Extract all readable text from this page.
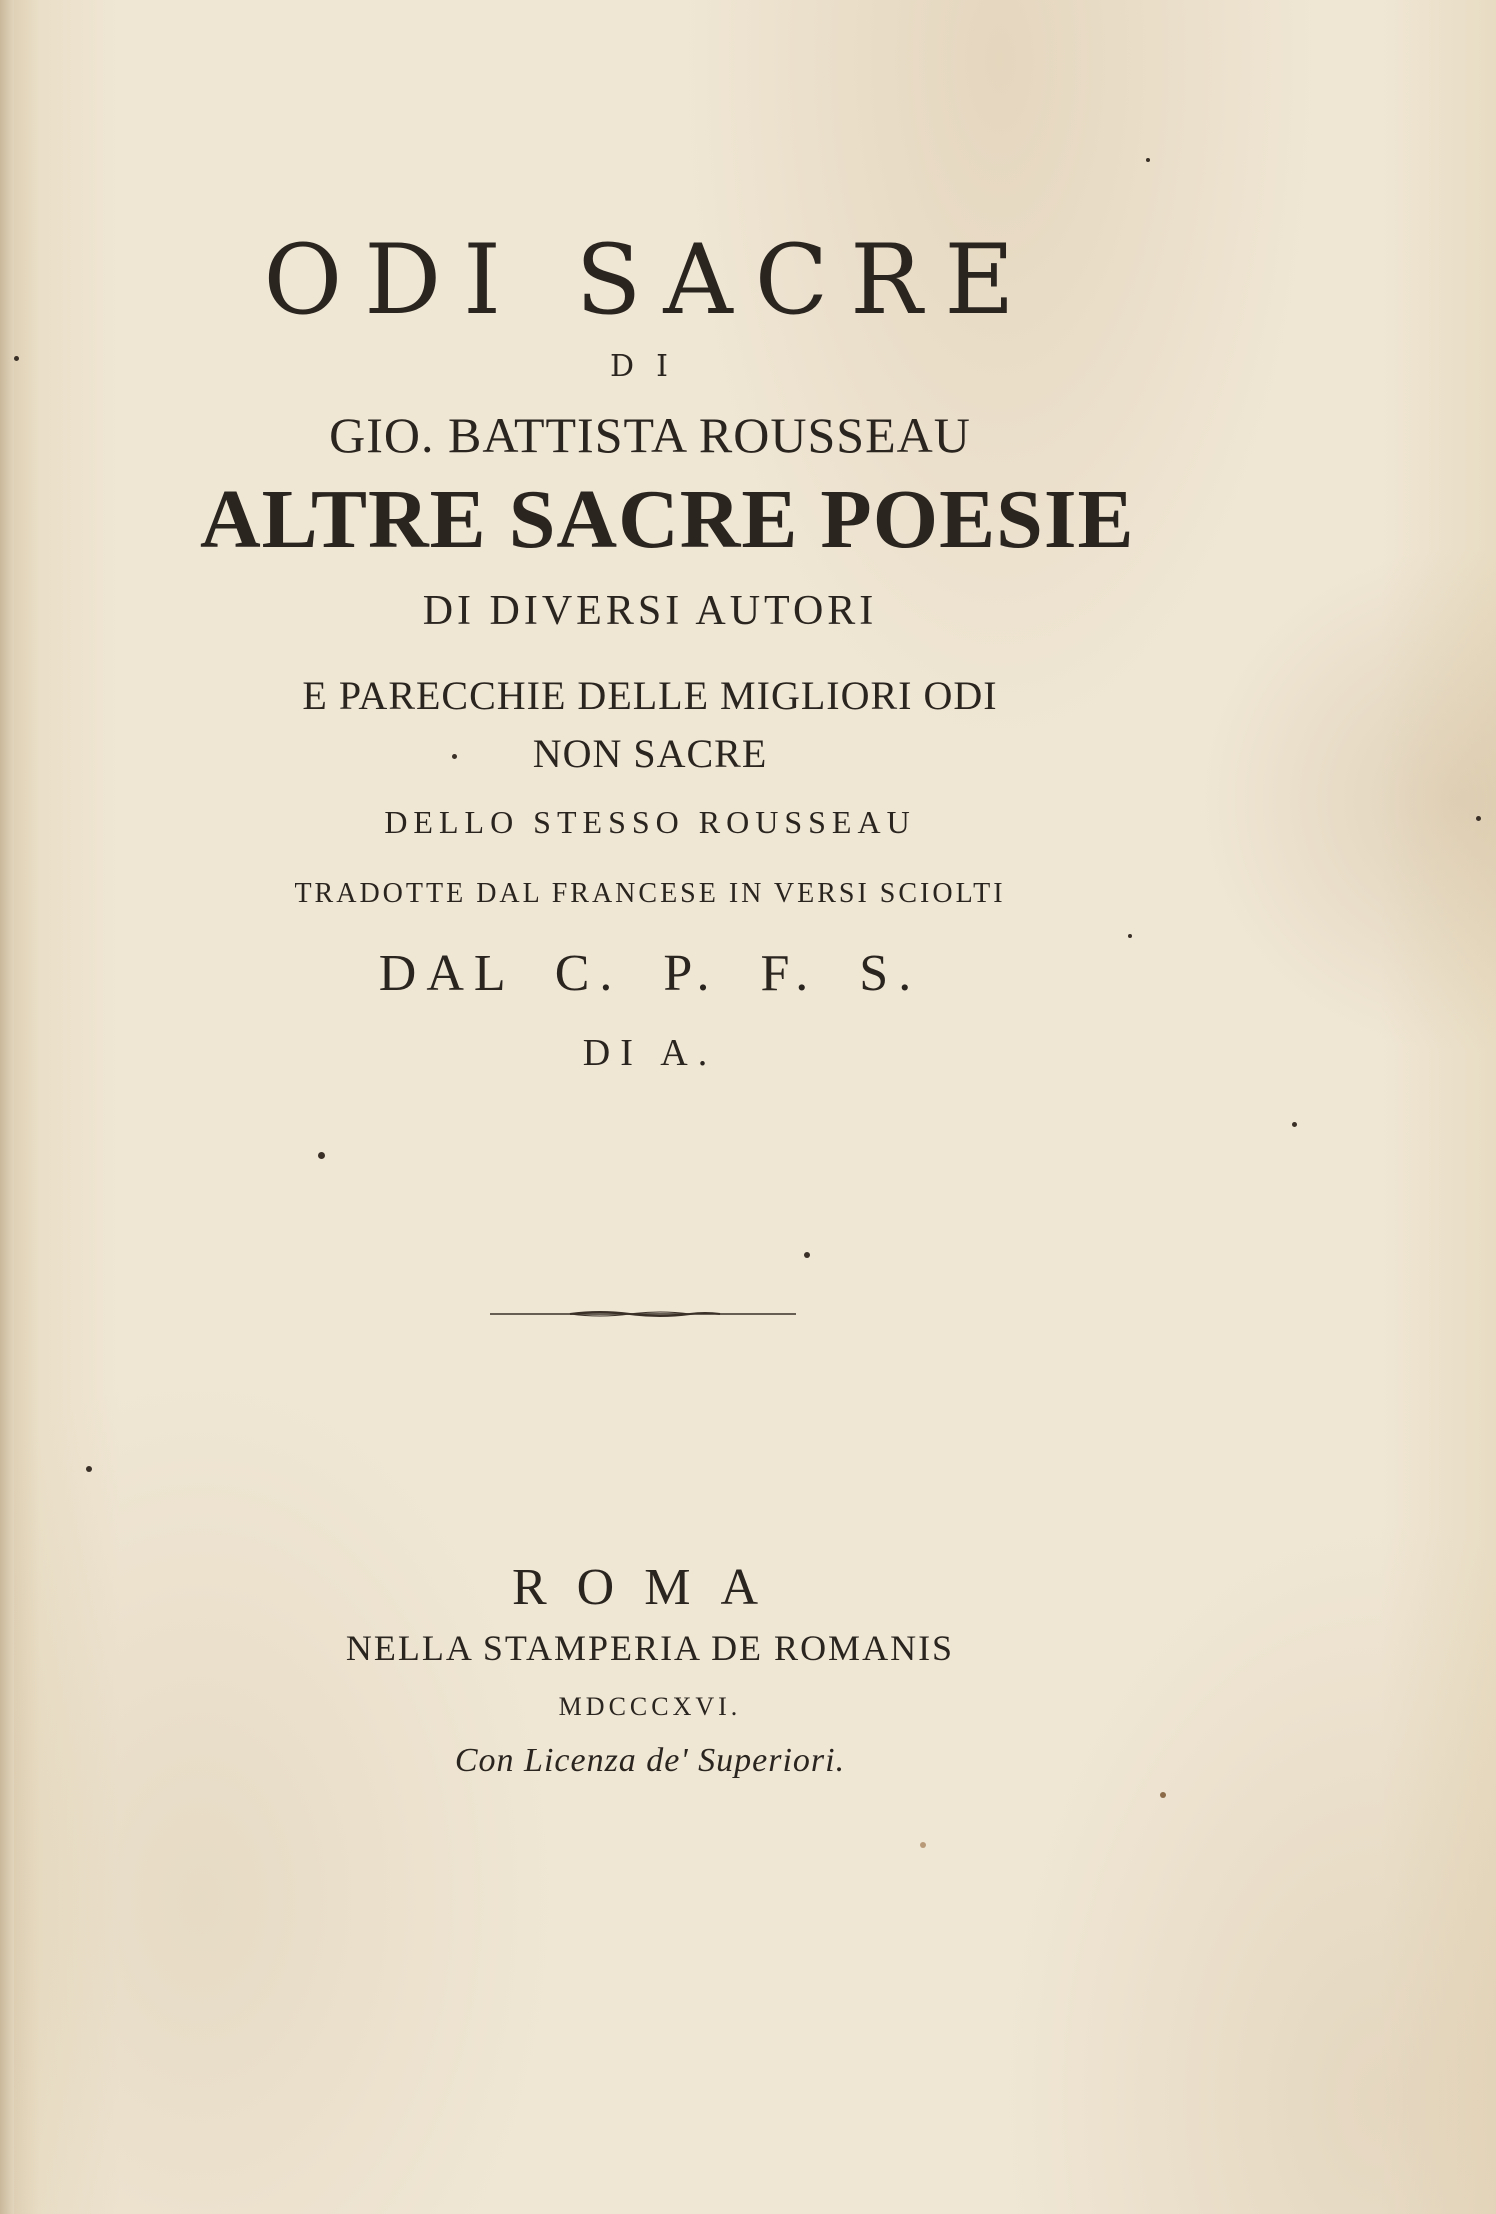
ODI SACRE

DI

GIO. BATTISTA ROUSSEAU

ALTRE SACRE POESIE

DI DIVERSI AUTORI

E PARECCHIE DELLE MIGLIORI ODI

NON SACRE

DELLO STESSO ROUSSEAU

TRADOTTE DAL FRANCESE IN VERSI SCIOLTI

DAL C. P. F. S.

DI A.

ROMA

NELLA STAMPERIA DE ROMANIS

MDCCCXVI.

Con Licenza de' Superiori.
